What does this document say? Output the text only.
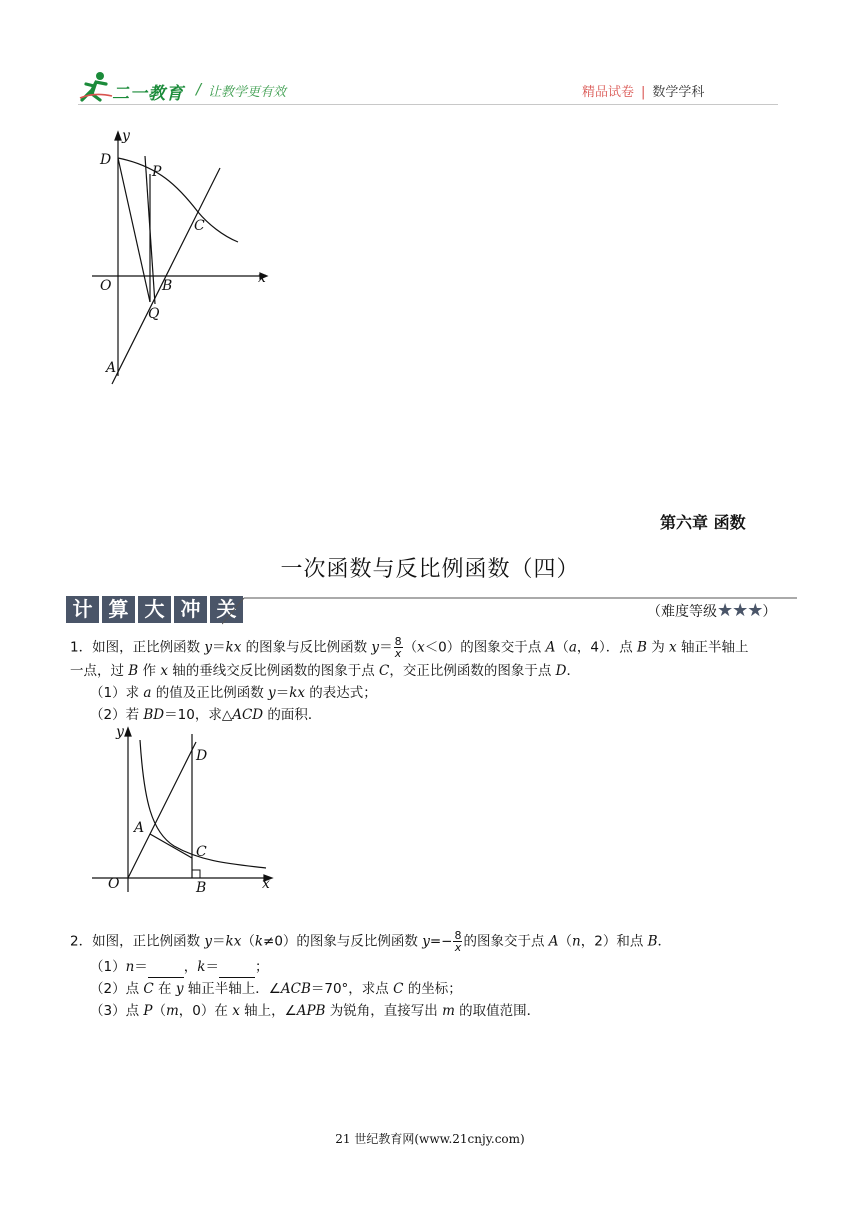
二一教育 / 让教学更有效	精品试卷 | 数学学科
y
x
D
P
C
O	B
Q
A
第六章 函数
一次函数与反比例函数（四）
计 算 大 冲 关	（难度等级★★★）
1．如图，正比例函数 y＝kx 的图象与反比例函数 $y= \frac{8}{x} (x<0)$的图象交于点 A（a，4）．点 B 为 x 轴正半轴上
一点，过 B 作 x 轴的垂线交反比例函数的图象于点 C，交正比例函数的图象于点 D．
（1）求 a 的值及正比例函数 y＝kx 的表达式；
（2）若 BD＝10，求△ACD 的面积．
y
x
D
A
C
O	B
2．如图，正比例函数 y＝kx（k≠0）的图象与反比例函数 $y=- \frac{8}{x}$ 的图象交于点 A（n，2）和点 B．
（1）n＝	，k＝	；
（2）点 C 在 y 轴正半轴上．∠ACB＝70°，求点 C 的坐标；
（3）点 P（m，0）在 x 轴上，∠APB 为锐角，直接写出 m 的取值范围．
21 世纪教育网(www.21cnjy.com)
